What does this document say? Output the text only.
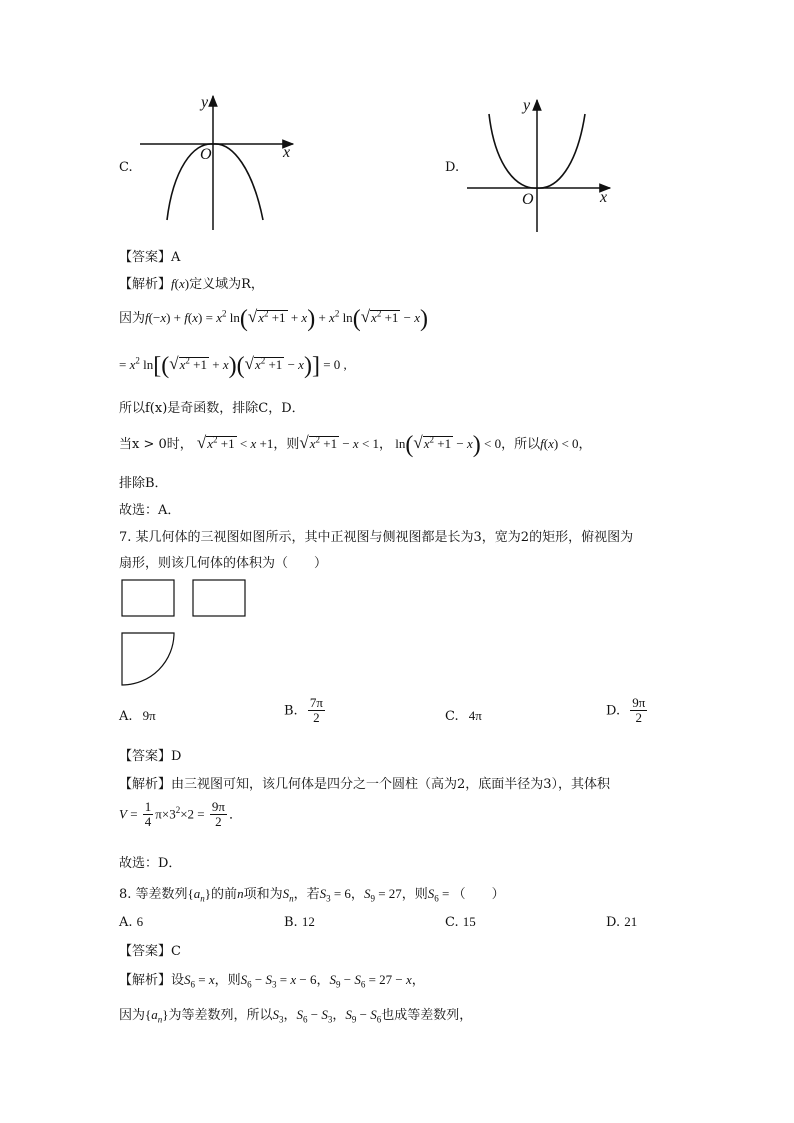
C.
y
x
O
D.
y
x
O
【答案】A
【解析】f(x)定义域为R，
因为$f(-x) + f(x) = x^2$ $\ln(√x^2 +1 + x) + x^2$ $\ln(√x^2 +1 - x)$
= $x^2$ $\ln[(√x^2 +1 + x)(√x^2 +1 - x)] = 0$ ,
所以f(x)是奇函数，排除C，D．
当x > 0时， $√x^2 +1 < x +1$，则$√x^2 +1 - x < 1$， $\ln(√x^2 +1 - x) < 0$，所以f(x) < 0，
排除B．
故选：A．
7. 某几何体的三视图如图所示，其中正视图与侧视图都是长为3，宽为2的矩形，俯视图为
扇形，则该几何体的体积为（　　）
A. 9π	B. $\frac{7\pi}{2}$	C. 4π	D. $\frac{9\pi}{2}$
【答案】D
【解析】由三视图可知，该几何体是四分之一个圆柱（高为2，底面半径为3），其体积
$V = \frac{1}{4} \pi\times 3^2\times 2 = \frac{9\pi}{2}$ ．
故选：D．
8. 等差数列$\{a_n\}$的前n项和为$S_n$，若$S_3 = 6$，$S_9 = 27$，则$S_6$ = （　　）
A. 6	B. 12	C. 15	D. 21
【答案】C
【解析】设$S_6 = x$，则$S_6 - S_3 = x - 6$，$S_9 - S_6 = 27 - x$，
因为$\{a_n\}$为等差数列，所以$S_3$，$S_6 - S_3$，$S_9 - S_6$也成等差数列，
